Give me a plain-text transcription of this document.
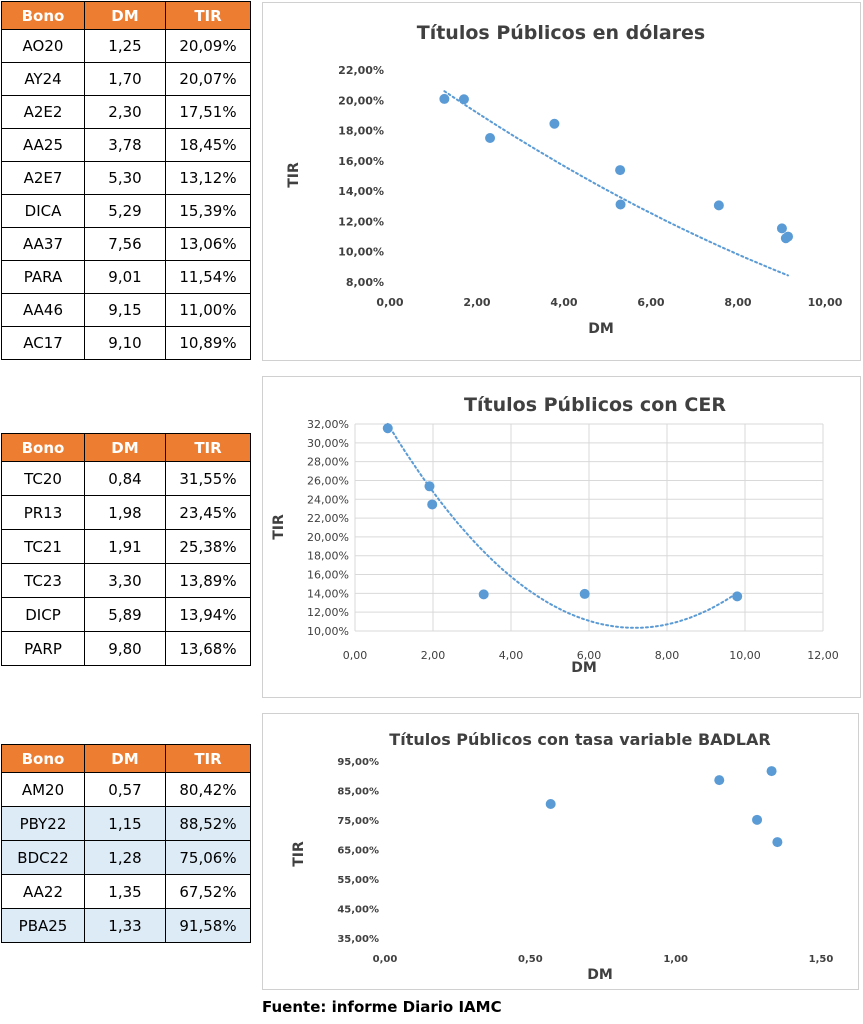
Bono	DM	TIR
AO20	1,25	20,09%
AY24	1,70	20,07%
A2E2	2,30	17,51%
AA25	3,78	18,45%
A2E7	5,30	13,12%
DICA	5,29	15,39%
AA37	7,56	13,06%
PARA	9,01	11,54%
AA46	9,15	11,00%
AC17	9,10	10,89%
Bono	DM	TIR
TC20	0,84	31,55%
PR13	1,98	23,45%
TC21	1,91	25,38%
TC23	3,30	13,89%
DICP	5,89	13,94%
PARP	9,80	13,68%
Bono	DM	TIR
AM20	0,57	80,42%
PBY22	1,15	88,52%
BDC22	1,28	75,06%
AA22	1,35	67,52%
PBA25	1,33	91,58%
Títulos Públicos en dólares
8,00%
10,00%
12,00%
14,00%
16,00%
18,00%
20,00%
22,00%
0,00	2,00	4,00	6,00	8,00	10,00
DM
TIR
Títulos Públicos con CER
10,00%
12,00%
14,00%
16,00%
18,00%
20,00%
22,00%
24,00%
26,00%
28,00%
30,00%
32,00%
0,00	2,00	4,00	6,00	8,00	10,00	12,00
DM
TIR
Títulos Públicos con tasa variable BADLAR
35,00%
45,00%
55,00%
65,00%
75,00%
85,00%
95,00%
0,00	0,50	1,00	1,50
DM
TIR
Fuente: informe Diario IAMC
